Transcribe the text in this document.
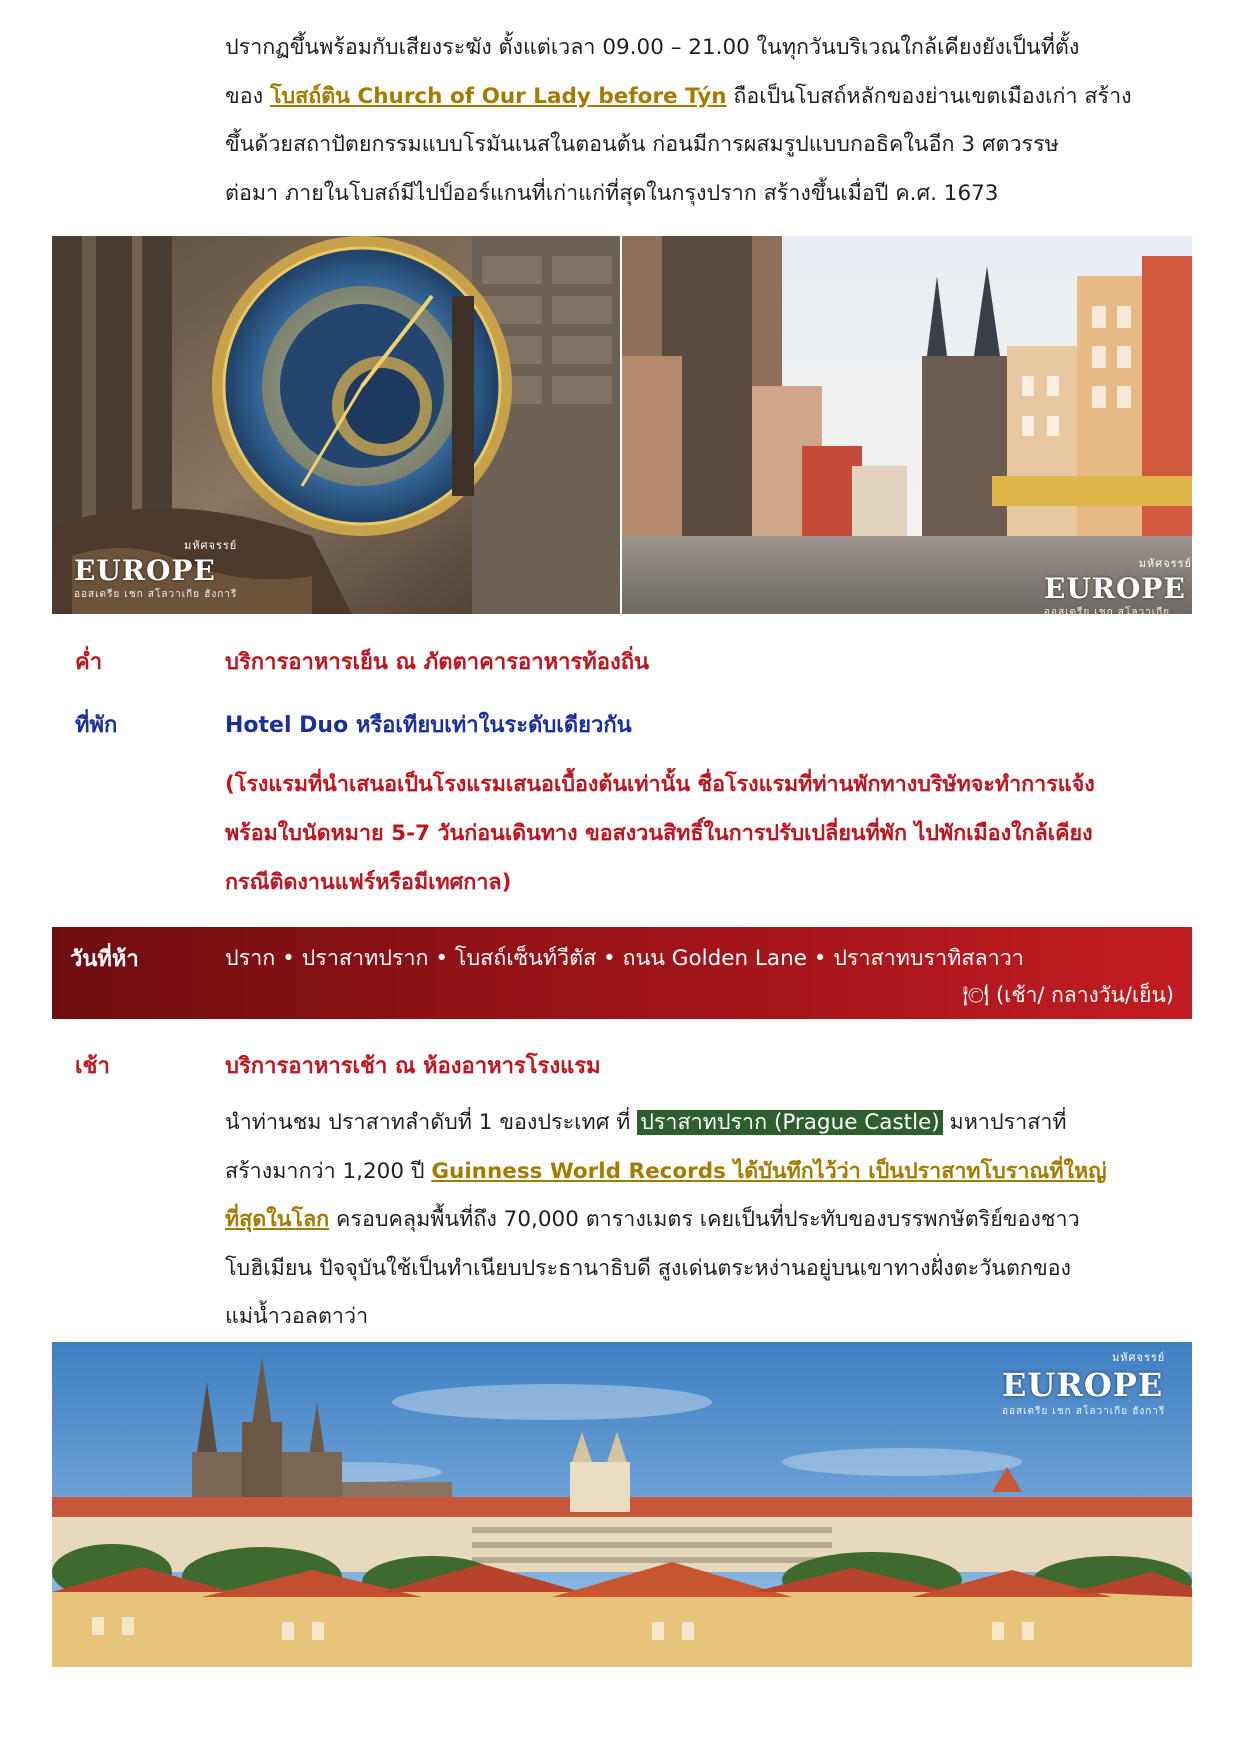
ปรากฏขึ้นพร้อมกับเสียงระฆัง ตั้งแต่เวลา 09.00 – 21.00 ในทุกวันบริเวณใกล้เคียงยังเป็นที่ตั้ง
ของ โบสถ์ติน Church of Our Lady before Týn ถือเป็นโบสถ์หลักของย่านเขตเมืองเก่า สร้าง
ขึ้นด้วยสถาปัตยกรรมแบบโรมันเนสในตอนต้น ก่อนมีการผสมรูปแบบกอธิคในอีก 3 ศตวรรษ
ต่อมา ภายในโบสถ์มีไปป์ออร์แกนที่เก่าแก่ที่สุดในกรุงปราก สร้างขึ้นเมื่อปี ค.ศ. 1673
มหัศจรรย์
EUROPE
ออสเตรีย เชก สโลวาเกีย ฮังการี
มหัศจรรย์
EUROPE
ออสเตรีย เชก สโลวาเกีย ฮังการี
ค่ำ	บริการอาหารเย็น ณ ภัตตาคารอาหารท้องถิ่น
ที่พัก	Hotel Duo หรือเทียบเท่าในระดับเดียวกัน
(โรงแรมที่นำเสนอเป็นโรงแรมเสนอเบื้องต้นเท่านั้น ชื่อโรงแรมที่ท่านพักทางบริษัทจะทำการแจ้ง
พร้อมใบนัดหมาย 5-7 วันก่อนเดินทาง ขอสงวนสิทธิ์ในการปรับเปลี่ยนที่พัก ไปพักเมืองใกล้เคียง
กรณีติดงานแฟร์หรือมีเทศกาล)
วันที่ห้า	ปราก • ปราสาทปราก • โบสถ์เซ็นท์วีตัส • ถนน Golden Lane • ปราสาทบราทิสลาวา
🍽 (เช้า/ กลางวัน/เย็น)
เช้า	บริการอาหารเช้า ณ ห้องอาหารโรงแรม
นำท่านชม ปราสาทลำดับที่ 1 ของประเทศ ที่ ปราสาทปราก (Prague Castle) มหาปราสาที่
สร้างมากว่า 1,200 ปี Guinness World Records ได้บันทึกไว้ว่า เป็นปราสาทโบราณที่ใหญ่
ที่สุดในโลก ครอบคลุมพื้นที่ถึง 70,000 ตารางเมตร เคยเป็นที่ประทับของบรรพกษัตริย์ของชาว
โบฮิเมียน ปัจจุบันใช้เป็นทำเนียบประธานาธิบดี สูงเด่นตระหง่านอยู่บนเขาทางฝั่งตะวันตกของ
แม่น้ำวอลตาว่า
มหัศจรรย์
EUROPE
ออสเตรีย เชก สโลวาเกีย ฮังการี
